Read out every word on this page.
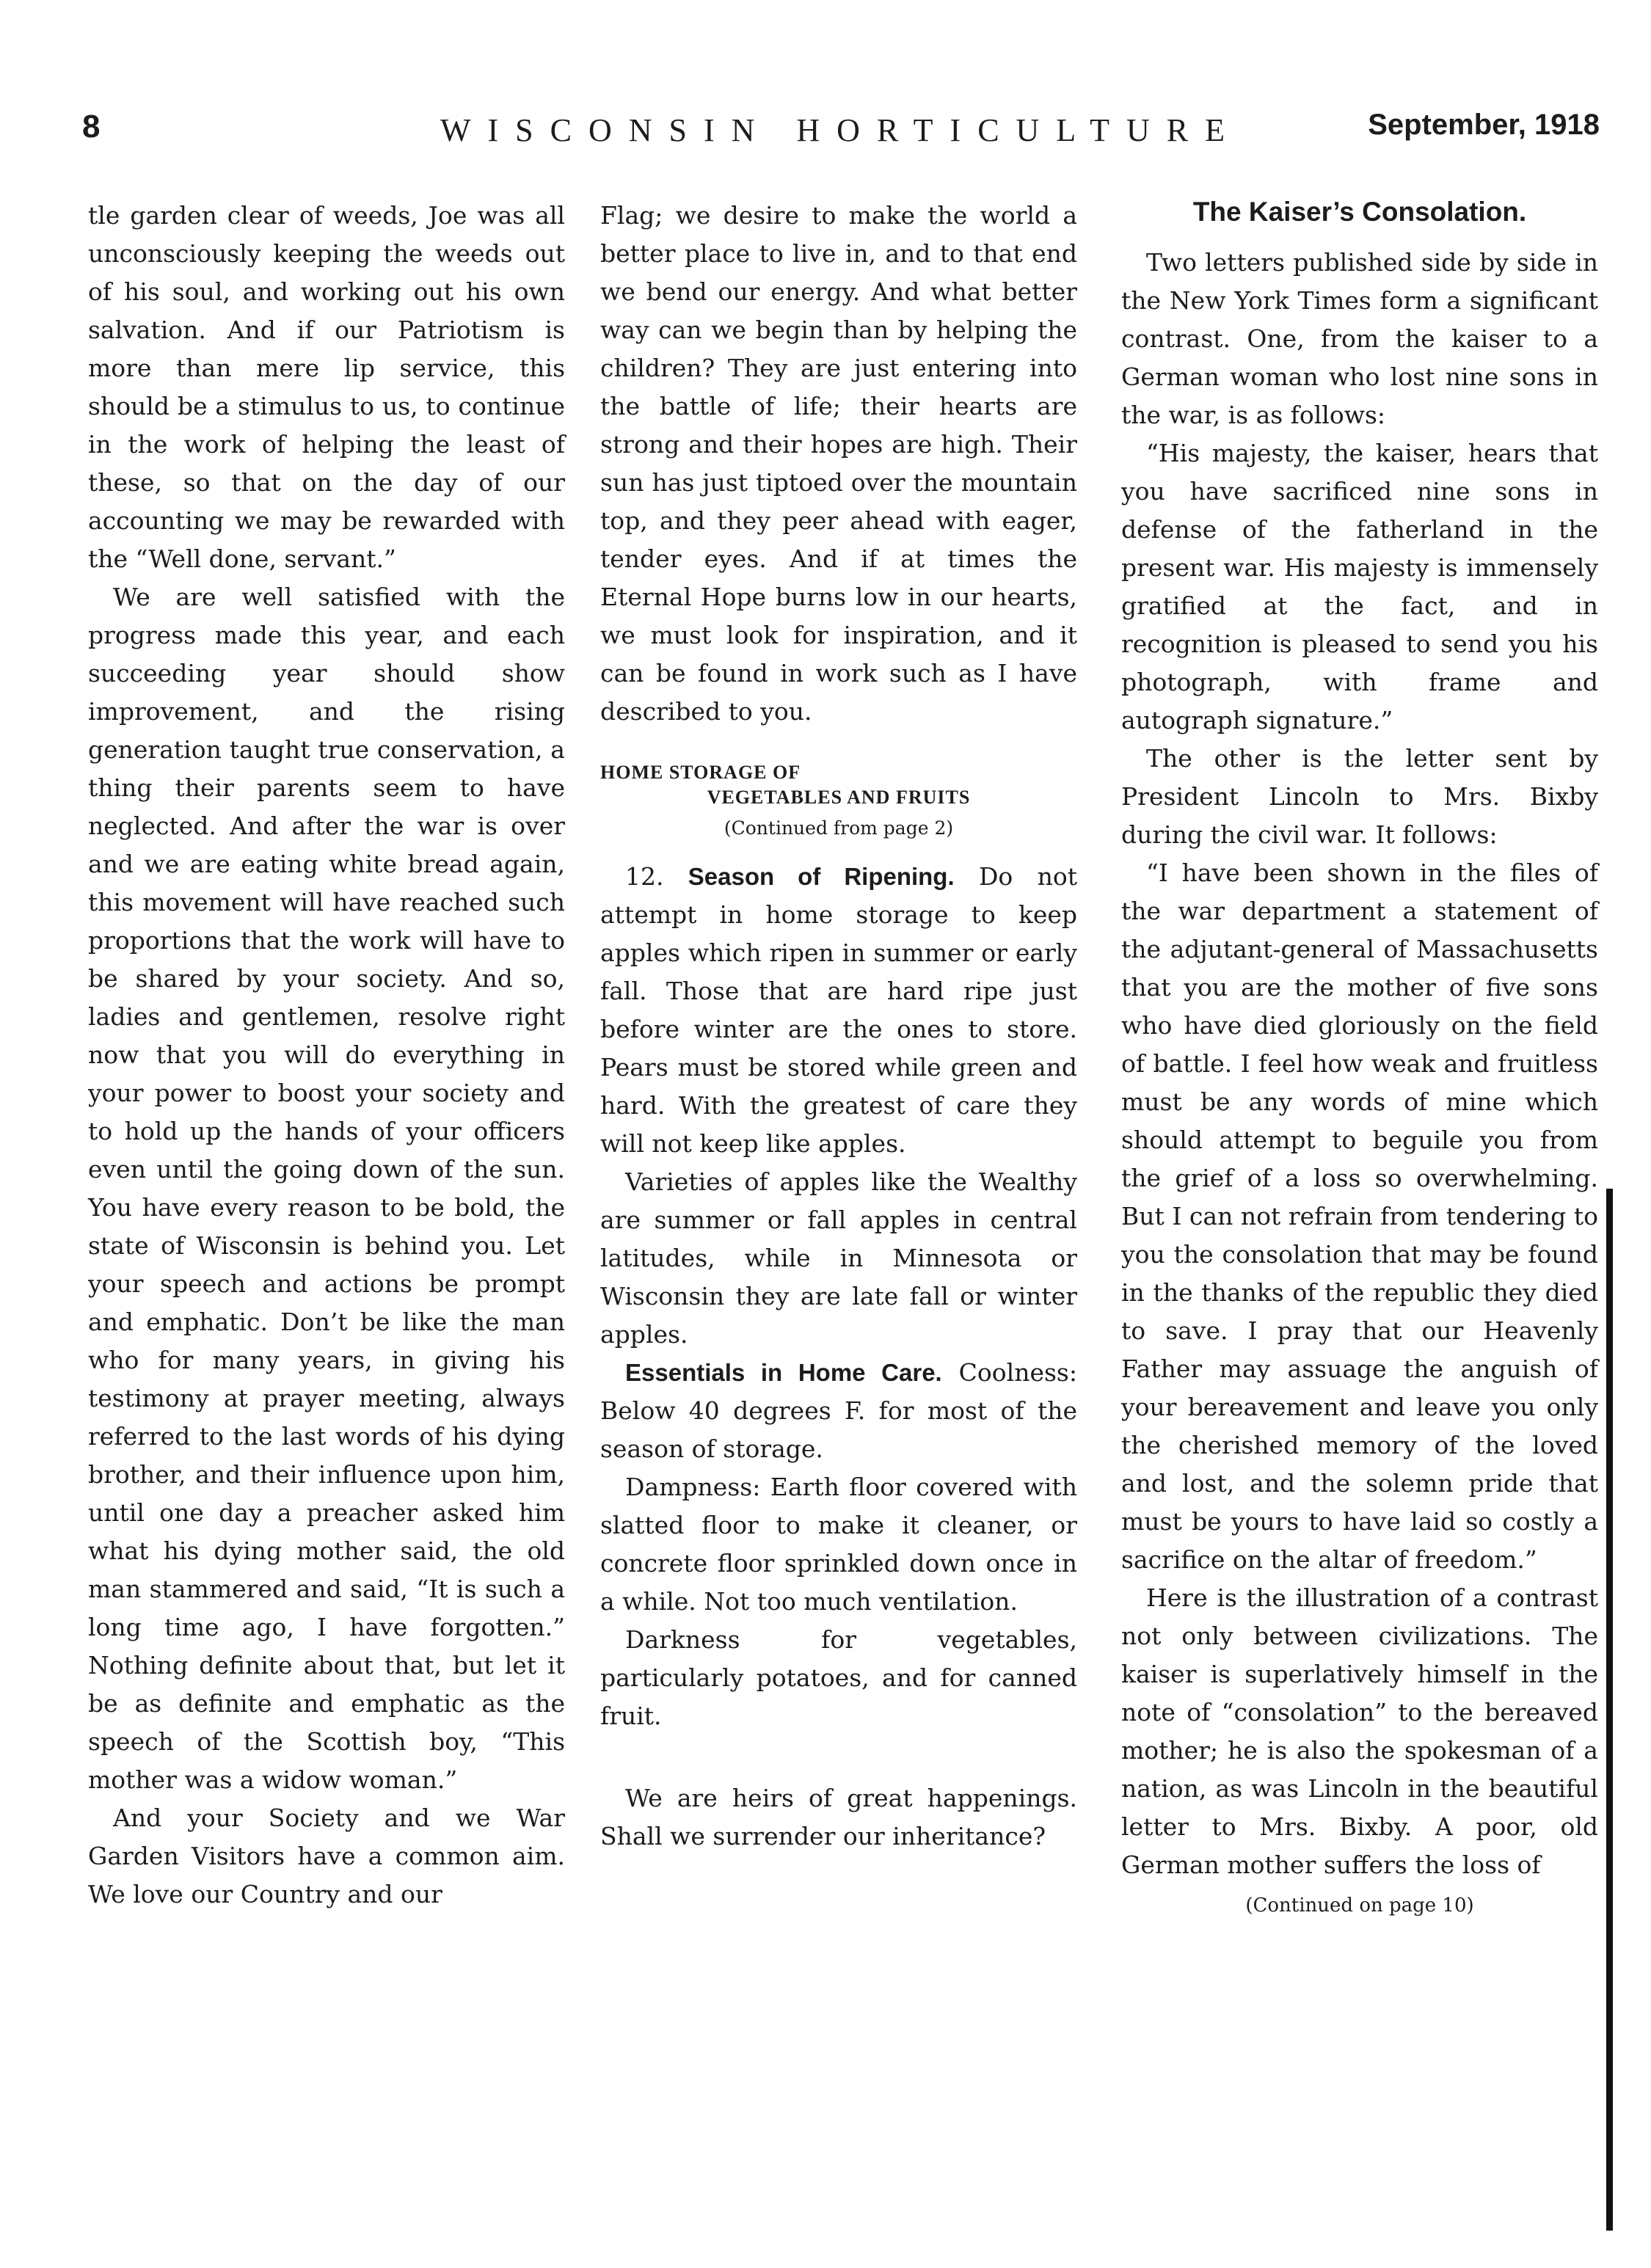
8	WISCONSIN HORTICULTURE	September, 1918

tle garden clear of weeds, Joe was all unconsciously keeping the weeds out of his soul, and working out his own salvation. And if our Patriotism is more than mere lip service, this should be a stimulus to us, to continue in the work of helping the least of these, so that on the day of our accounting we may be rewarded with the “Well done, servant.”

We are well satisfied with the progress made this year, and each succeeding year should show improvement, and the rising generation taught true conservation, a thing their parents seem to have neglected. And after the war is over and we are eating white bread again, this movement will have reached such proportions that the work will have to be shared by your society. And so, ladies and gentlemen, resolve right now that you will do everything in your power to boost your society and to hold up the hands of your officers even until the going down of the sun. You have every reason to be bold, the state of Wisconsin is behind you. Let your speech and actions be prompt and emphatic. Don’t be like the man who for many years, in giving his testimony at prayer meeting, always referred to the last words of his dying brother, and their influence upon him, until one day a preacher asked him what his dying mother said, the old man stammered and said, “It is such a long time ago, I have forgotten.” Nothing definite about that, but let it be as definite and emphatic as the speech of the Scottish boy, “This mother was a widow woman.”

And your Society and we War Garden Visitors have a common aim. We love our Country and our

Flag; we desire to make the world a better place to live in, and to that end we bend our energy. And what better way can we begin than by helping the children? They are just entering into the battle of life; their hearts are strong and their hopes are high. Their sun has just tiptoed over the mountain top, and they peer ahead with eager, tender eyes. And if at times the Eternal Hope burns low in our hearts, we must look for inspiration, and it can be found in work such as I have described to you.

HOME STORAGE OF
VEGETABLES AND FRUITS
(Continued from page 2)

12. Season of Ripening. Do not attempt in home storage to keep apples which ripen in summer or early fall. Those that are hard ripe just before winter are the ones to store. Pears must be stored while green and hard. With the greatest of care they will not keep like apples.

Varieties of apples like the Wealthy are summer or fall apples in central latitudes, while in Minnesota or Wisconsin they are late fall or winter apples.

Essentials in Home Care. Coolness: Below 40 degrees F. for most of the season of storage.

Dampness: Earth floor covered with slatted floor to make it cleaner, or concrete floor sprinkled down once in a while. Not too much ventilation.

Darkness for vegetables, particularly potatoes, and for canned fruit.

We are heirs of great happenings. Shall we surrender our inheritance?

The Kaiser’s Consolation.

Two letters published side by side in the New York Times form a significant contrast. One, from the kaiser to a German woman who lost nine sons in the war, is as follows:

“His majesty, the kaiser, hears that you have sacrificed nine sons in defense of the fatherland in the present war. His majesty is immensely gratified at the fact, and in recognition is pleased to send you his photograph, with frame and autograph signature.”

The other is the letter sent by President Lincoln to Mrs. Bixby during the civil war. It follows:

“I have been shown in the files of the war department a statement of the adjutant-general of Massachusetts that you are the mother of five sons who have died gloriously on the field of battle. I feel how weak and fruitless must be any words of mine which should attempt to beguile you from the grief of a loss so overwhelming. But I can not refrain from tendering to you the consolation that may be found in the thanks of the republic they died to save. I pray that our Heavenly Father may assuage the anguish of your bereavement and leave you only the cherished memory of the loved and lost, and the solemn pride that must be yours to have laid so costly a sacrifice on the altar of freedom.”

Here is the illustration of a contrast not only between civilizations. The kaiser is superlatively himself in the note of “consolation” to the bereaved mother; he is also the spokesman of a nation, as was Lincoln in the beautiful letter to Mrs. Bixby. A poor, old German mother suffers the loss of

(Continued on page 10)
